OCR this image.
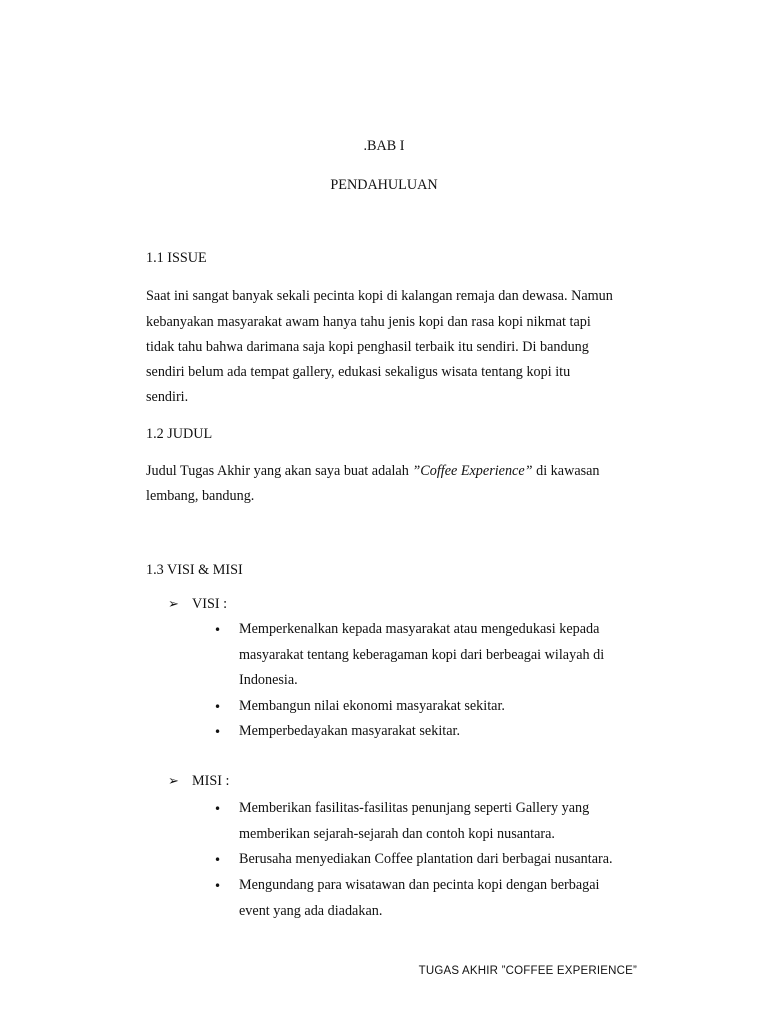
.BAB I
PENDAHULUAN
1.1 ISSUE
Saat ini sangat banyak sekali pecinta kopi di kalangan remaja dan dewasa. Namun
kebanyakan masyarakat awam hanya tahu jenis kopi dan rasa kopi nikmat tapi
tidak tahu bahwa darimana saja kopi penghasil terbaik itu sendiri. Di bandung
sendiri belum ada tempat gallery, edukasi sekaligus wisata tentang kopi itu
sendiri.
1.2 JUDUL
Judul Tugas Akhir yang akan saya buat adalah ”Coffee Experience” di kawasan
lembang, bandung.
1.3 VISI & MISI
➢ VISI :
• Memperkenalkan kepada masyarakat atau mengedukasi kepada
masyarakat tentang keberagaman kopi dari berbeagai wilayah di
Indonesia.
• Membangun nilai ekonomi masyarakat sekitar.
• Memperbedayakan masyarakat sekitar.
➢ MISI :
• Memberikan fasilitas-fasilitas penunjang seperti Gallery yang
memberikan sejarah-sejarah dan contoh kopi nusantara.
• Berusaha menyediakan Coffee plantation dari berbagai nusantara.
• Mengundang para wisatawan dan pecinta kopi dengan berbagai
event yang ada diadakan.
TUGAS AKHIR ”COFFEE EXPERIENCE”
